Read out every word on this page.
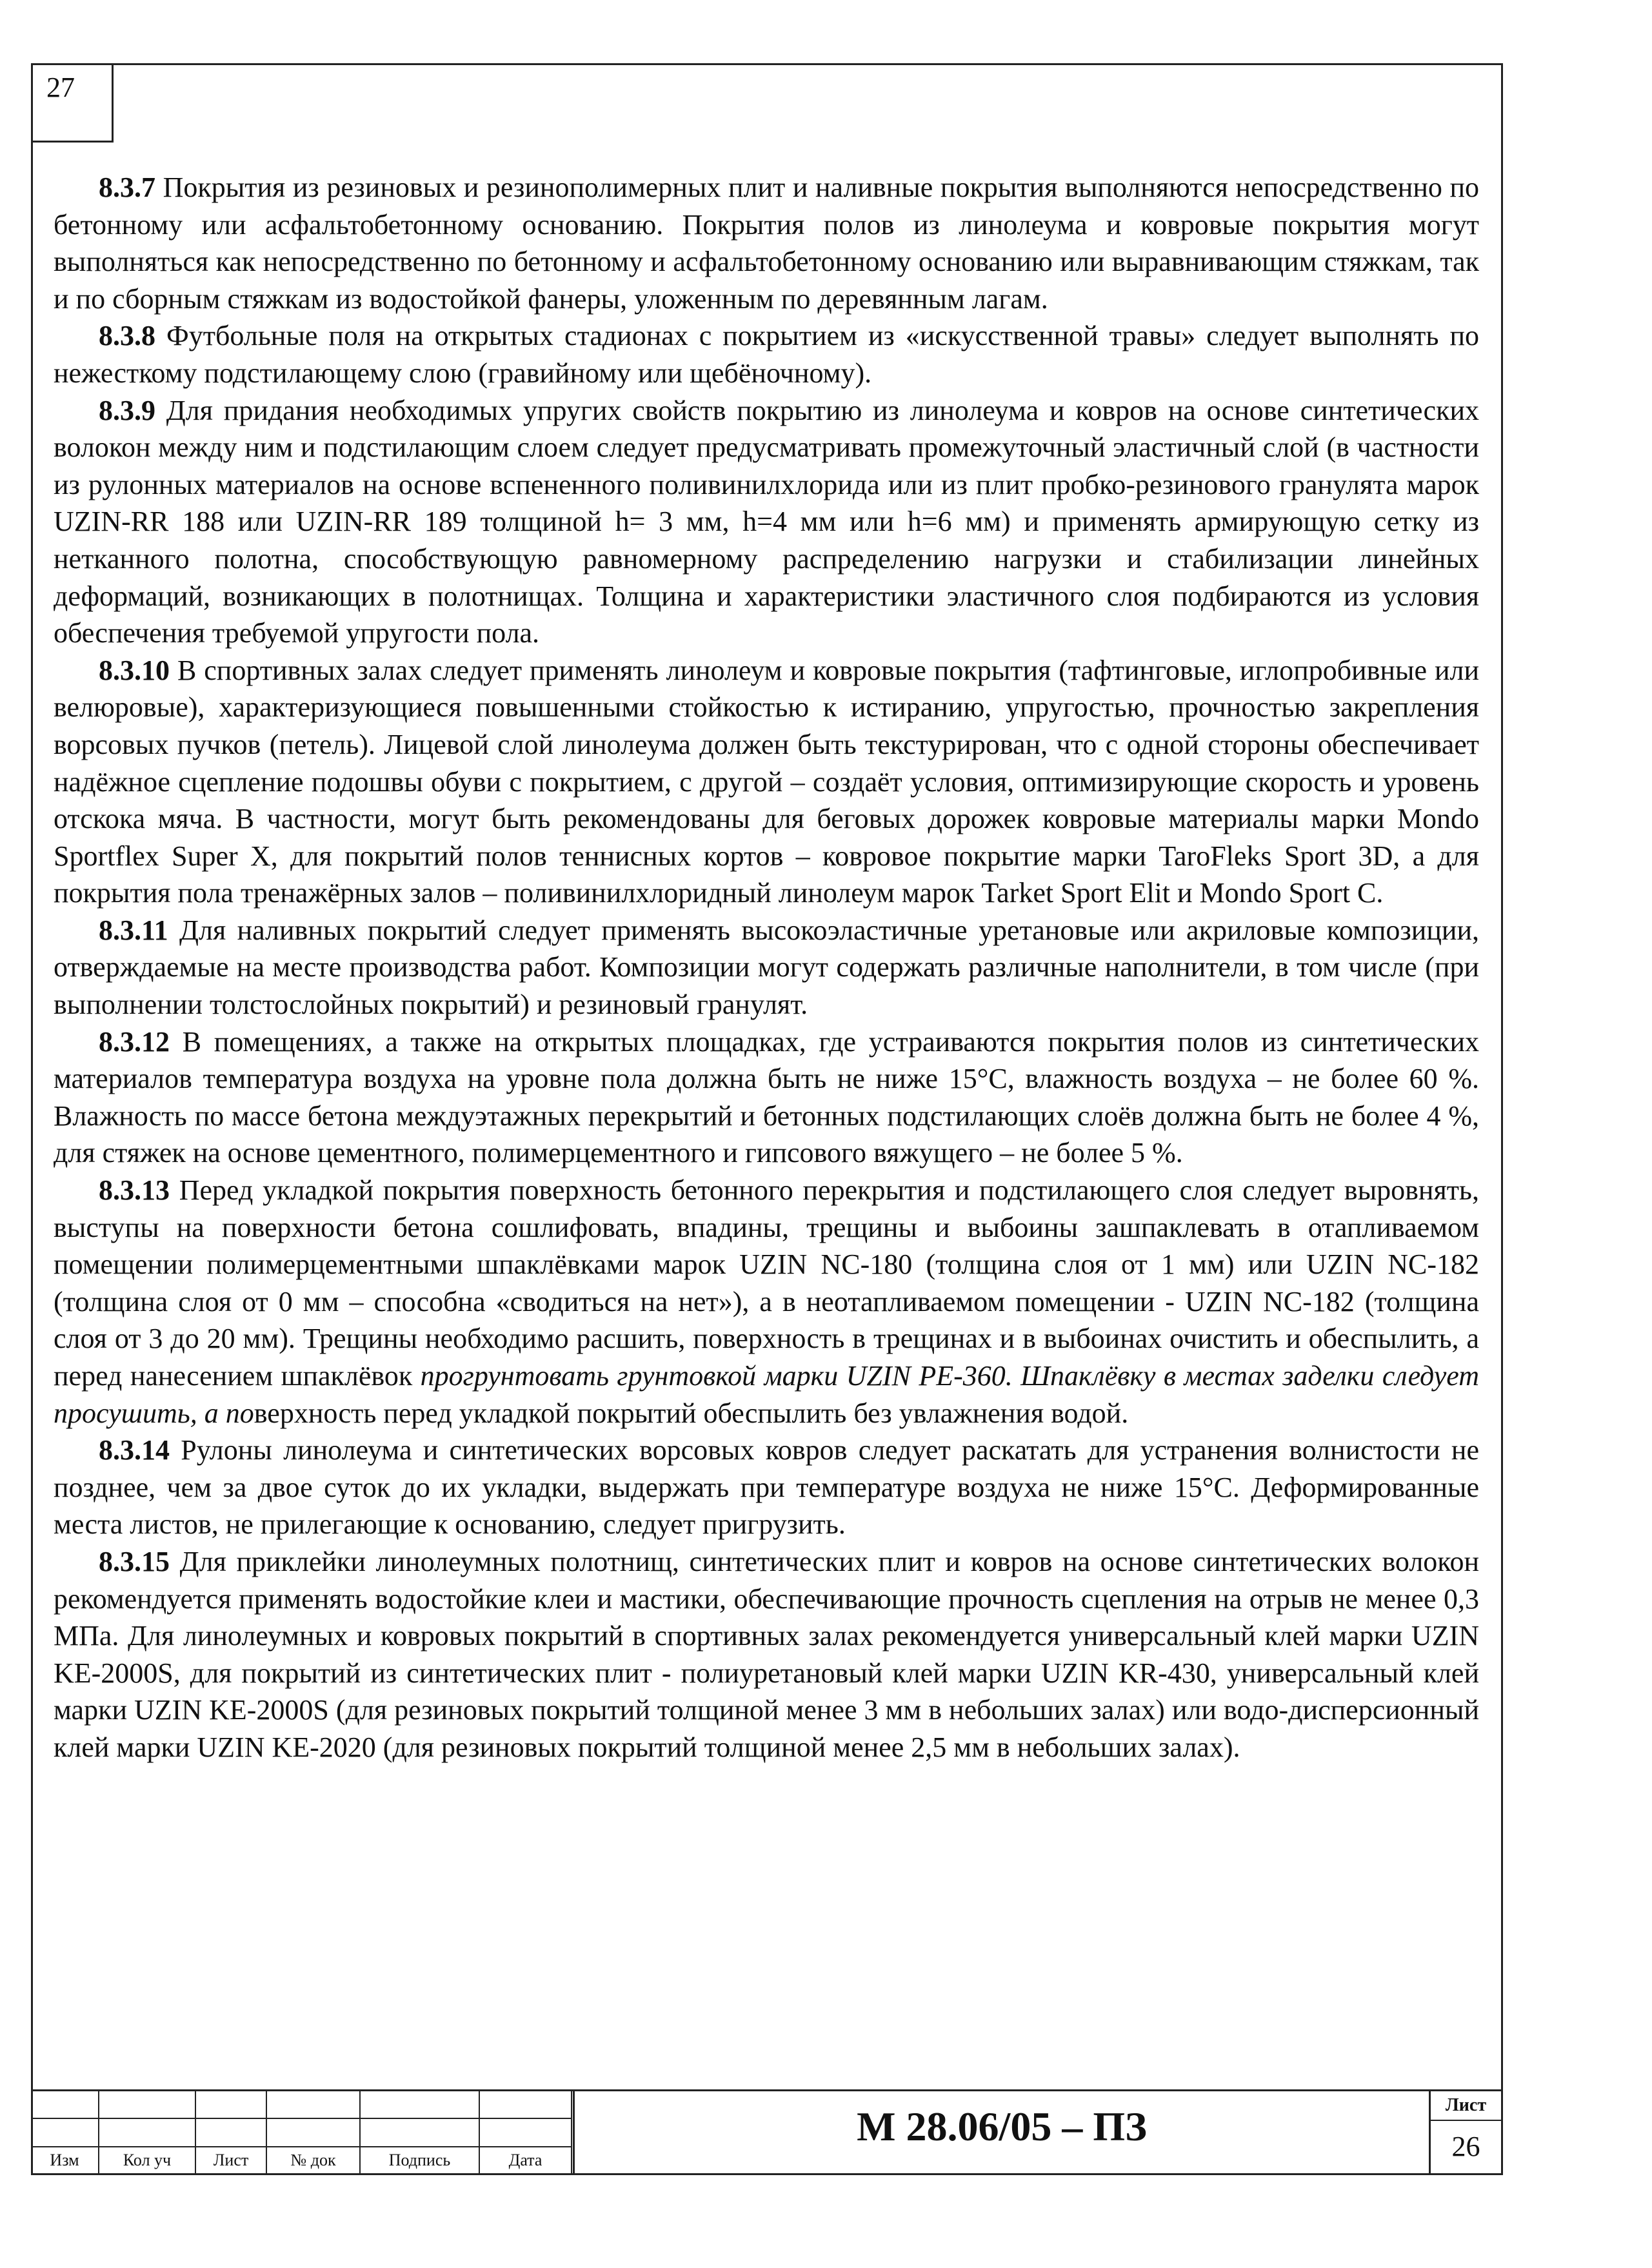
27

8.3.7 Покрытия из резиновых и резинополимерных плит и наливные покрытия выполняются непосредственно по бетонному или асфальтобетонному основанию. Покрытия полов из линолеума и ковровые покрытия могут выполняться как непосредственно по бетонному и асфальтобетонному основанию или выравнивающим стяжкам, так и по сборным стяжкам из водостойкой фанеры, уложенным по деревянным лагам.

8.3.8 Футбольные поля на открытых стадионах с покрытием из «искусственной травы» следует выполнять по нежесткому подстилающему слою (гравийному или щебёночному).

8.3.9 Для придания необходимых упругих свойств покрытию из линолеума и ковров на основе синтетических волокон между ним и подстилающим слоем следует предусматривать промежуточный эластичный слой (в частности из рулонных материалов на основе вспененного поливинилхлорида или из плит пробко-резинового гранулята марок UZIN-RR 188 или UZIN-RR 189 толщиной h= 3 мм, h=4 мм или h=6 мм) и применять армирующую сетку из нетканного полотна, способствующую равномерному распределению нагрузки и стабилизации линейных деформаций, возникающих в полотнищах. Толщина и характеристики эластичного слоя подбираются из условия обеспечения требуемой упругости пола.

8.3.10 В спортивных залах следует применять линолеум и ковровые покрытия (тафтинговые, иглопробивные или велюровые), характеризующиеся повышенными стойкостью к истиранию, упругостью, прочностью закрепления ворсовых пучков (петель). Лицевой слой линолеума должен быть текстурирован, что с одной стороны обеспечивает надёжное сцепление подошвы обуви с покрытием, с другой – создаёт условия, оптимизирующие скорость и уровень отскока мяча. В частности, могут быть рекомендованы для беговых дорожек ковровые материалы марки Mondo Sportflex Super X, для покрытий полов теннисных кортов – ковровое покрытие марки TaroFleks Sport 3D, а для покрытия пола тренажёрных залов – поливинилхлоридный линолеум марок Tarket Sport Elit и Mondo Sport C.

8.3.11 Для наливных покрытий следует применять высокоэластичные уретановые или акриловые композиции, отверждаемые на месте производства работ. Композиции могут содержать различные наполнители, в том числе (при выполнении толстослойных покрытий) и резиновый гранулят.

8.3.12 В помещениях, а также на открытых площадках, где устраиваются покрытия полов из синтетических материалов температура воздуха на уровне пола должна быть не ниже 15°С, влажность воздуха – не более 60 %. Влажность по массе бетона междуэтажных перекрытий и бетонных подстилающих слоёв должна быть не более 4 %, для стяжек на основе цементного, полимерцементного и гипсового вяжущего – не более 5 %.

8.3.13 Перед укладкой покрытия поверхность бетонного перекрытия и подстилающего слоя следует выровнять, выступы на поверхности бетона сошлифовать, впадины, трещины и выбоины зашпаклевать в отапливаемом помещении полимерцементными шпаклёвками марок UZIN NC-180 (толщина слоя от 1 мм) или UZIN NC-182 (толщина слоя от 0 мм – способна «сводиться на нет»), а в неотапливаемом помещении - UZIN NC-182 (толщина слоя от 3 до 20 мм). Трещины необходимо расшить, поверхность в трещинах и в выбоинах очистить и обеспылить, а перед нанесением шпаклёвок прогрунтовать грунтовкой марки UZIN PE-360. Шпаклёвку в местах заделки следует просушить, а поверхность перед укладкой покрытий обеспылить без увлажнения водой.

8.3.14 Рулоны линолеума и синтетических ворсовых ковров следует раскатать для устранения волнистости не позднее, чем за двое суток до их укладки, выдержать при температуре воздуха не ниже 15°С. Деформированные места листов, не прилегающие к основанию, следует пригрузить.

8.3.15 Для приклейки линолеумных полотнищ, синтетических плит и ковров на основе синтетических волокон рекомендуется применять водостойкие клеи и мастики, обеспечивающие прочность сцепления на отрыв не менее 0,3 МПа. Для линолеумных и ковровых покрытий в спортивных залах рекомендуется универсальный клей марки UZIN KE-2000S, для покрытий из синтетических плит - полиуретановый клей марки UZIN KR-430, универсальный клей марки UZIN KE-2000S (для резиновых покрытий толщиной менее 3 мм в небольших залах) или водо-дисперсионный клей марки UZIN KE-2020 (для резиновых покрытий толщиной менее 2,5 мм в небольших залах).

Изм	Кол уч	Лист	№ док	Подпись	Дата
М 28.06/05 – ПЗ	Лист
26
